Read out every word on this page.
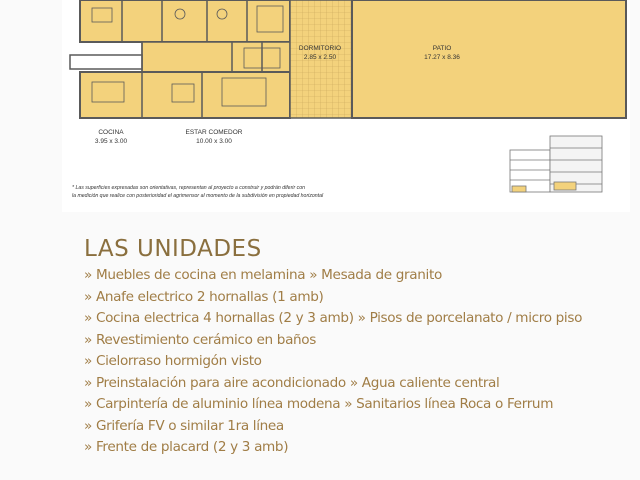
DORMITORIO
2.85 x 2.50
PATIO
17.27 x 8.36
COCINA
3.95 x 3.00
ESTAR COMEDOR
10.00 x 3.00
* Las superficies expresadas son orientativas, representan al proyecto a construir y podrán diferir con
la medición que realice con posterioridad el agrimensor al momento de la subdivisión en propiedad horizontal
LAS UNIDADES
» Muebles de cocina en melamina » Mesada de granito
» Anafe electrico 2 hornallas (1 amb)
» Cocina electrica 4 hornallas (2 y 3 amb) » Pisos de porcelanato / micro piso
» Revestimiento cerámico en baños
» Cielorraso hormigón visto
» Preinstalación para aire acondicionado » Agua caliente central
» Carpintería de aluminio línea modena » Sanitarios línea Roca o Ferrum
» Grifería FV o similar 1ra línea
» Frente de placard (2 y 3 amb)
